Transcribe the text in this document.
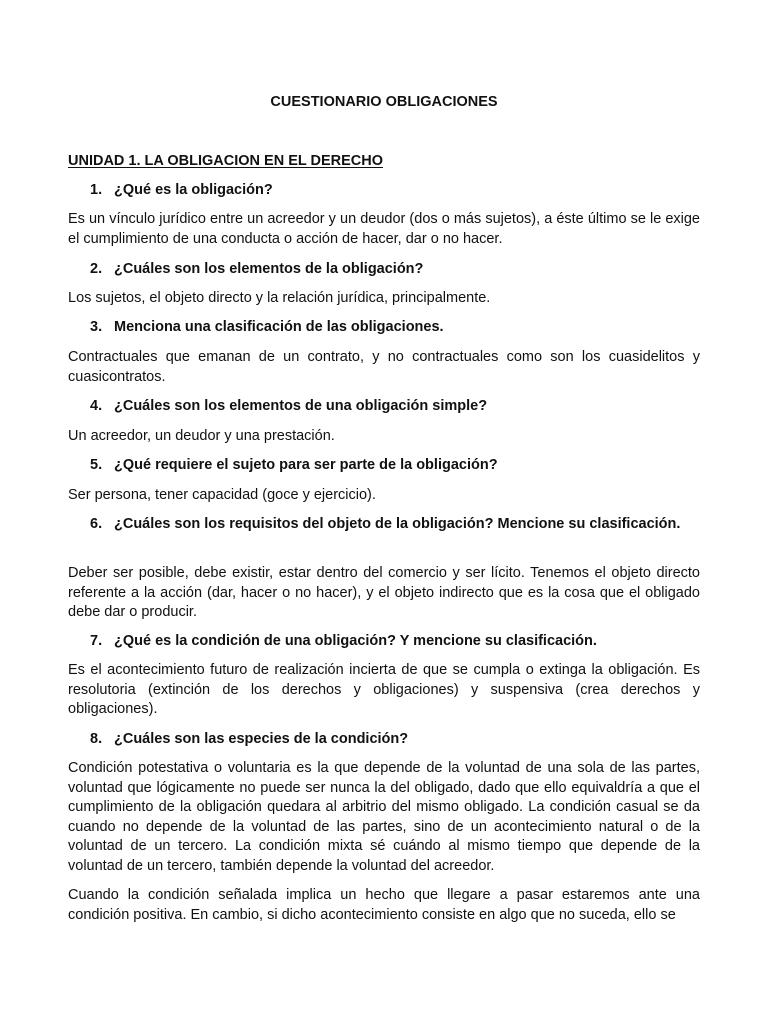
CUESTIONARIO OBLIGACIONES
UNIDAD 1. LA OBLIGACION EN EL DERECHO
1. ¿Qué es la obligación?
Es un vínculo jurídico entre un acreedor y un deudor (dos o más sujetos), a éste último se le exige el cumplimiento de una conducta o acción de hacer, dar o no hacer.
2. ¿Cuáles son los elementos de la obligación?
Los sujetos, el objeto directo y la relación jurídica, principalmente.
3. Menciona una clasificación de las obligaciones.
Contractuales que emanan de un contrato, y no contractuales como son los cuasidelitos y cuasicontratos.
4. ¿Cuáles son los elementos de una obligación simple?
Un acreedor, un deudor y una prestación.
5. ¿Qué requiere el sujeto para ser parte de la obligación?
Ser persona, tener capacidad (goce y ejercicio).
6. ¿Cuáles son los requisitos del objeto de la obligación? Mencione su clasificación.
Deber ser posible, debe existir, estar dentro del comercio y ser lícito. Tenemos el objeto directo referente a la acción (dar, hacer o no hacer), y el objeto indirecto que es la cosa que el obligado debe dar o producir.
7. ¿Qué es la condición de una obligación? Y mencione su clasificación.
Es el acontecimiento futuro de realización incierta de que se cumpla o extinga la obligación. Es resolutoria (extinción de los derechos y obligaciones) y suspensiva (crea derechos y obligaciones).
8. ¿Cuáles son las especies de la condición?
Condición potestativa o voluntaria es la que depende de la voluntad de una sola de las partes, voluntad que lógicamente no puede ser nunca la del obligado, dado que ello equivaldría a que el cumplimiento de la obligación quedara al arbitrio del mismo obligado. La condición casual se da cuando no depende de la voluntad de las partes, sino de un acontecimiento natural o de la voluntad de un tercero. La condición mixta sé cuándo al mismo tiempo que depende de la voluntad de un tercero, también depende la voluntad del acreedor.
Cuando la condición señalada implica un hecho que llegare a pasar estaremos ante una condición positiva. En cambio, si dicho acontecimiento consiste en algo que no suceda, ello se
